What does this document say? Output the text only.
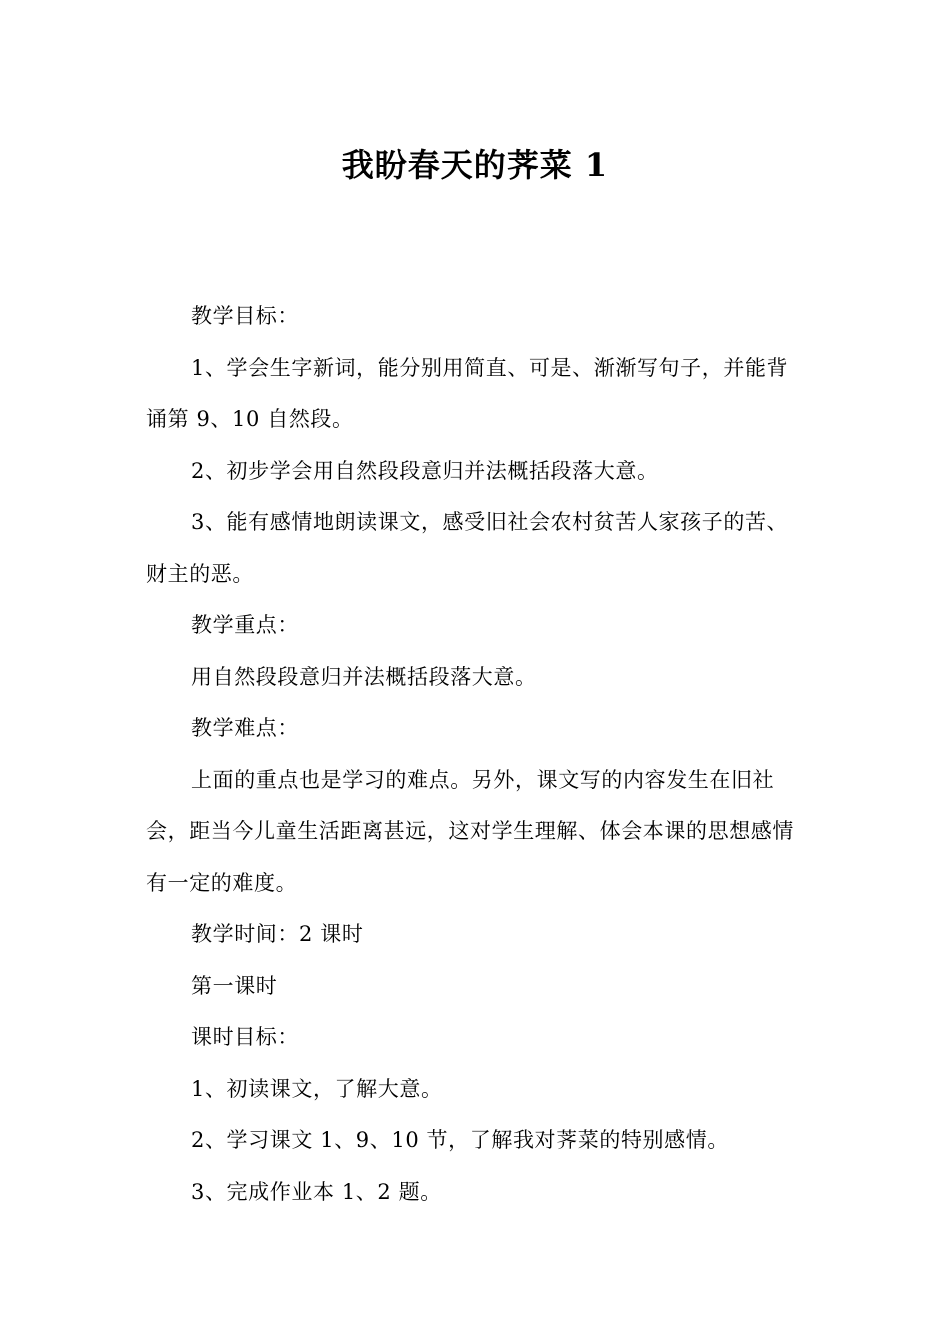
我盼春天的荠菜 1

教学目标：

1、学会生字新词，能分别用简直、可是、渐渐写句子，并能背诵第 9、10 自然段。

2、初步学会用自然段段意归并法概括段落大意。

3、能有感情地朗读课文，感受旧社会农村贫苦人家孩子的苦、财主的恶。

教学重点：

用自然段段意归并法概括段落大意。

教学难点：

上面的重点也是学习的难点。另外，课文写的内容发生在旧社会，距当今儿童生活距离甚远，这对学生理解、体会本课的思想感情有一定的难度。

教学时间：2 课时

第一课时

课时目标：

1、初读课文，了解大意。

2、学习课文 1、9、10 节，了解我对荠菜的特别感情。

3、完成作业本 1、2 题。
